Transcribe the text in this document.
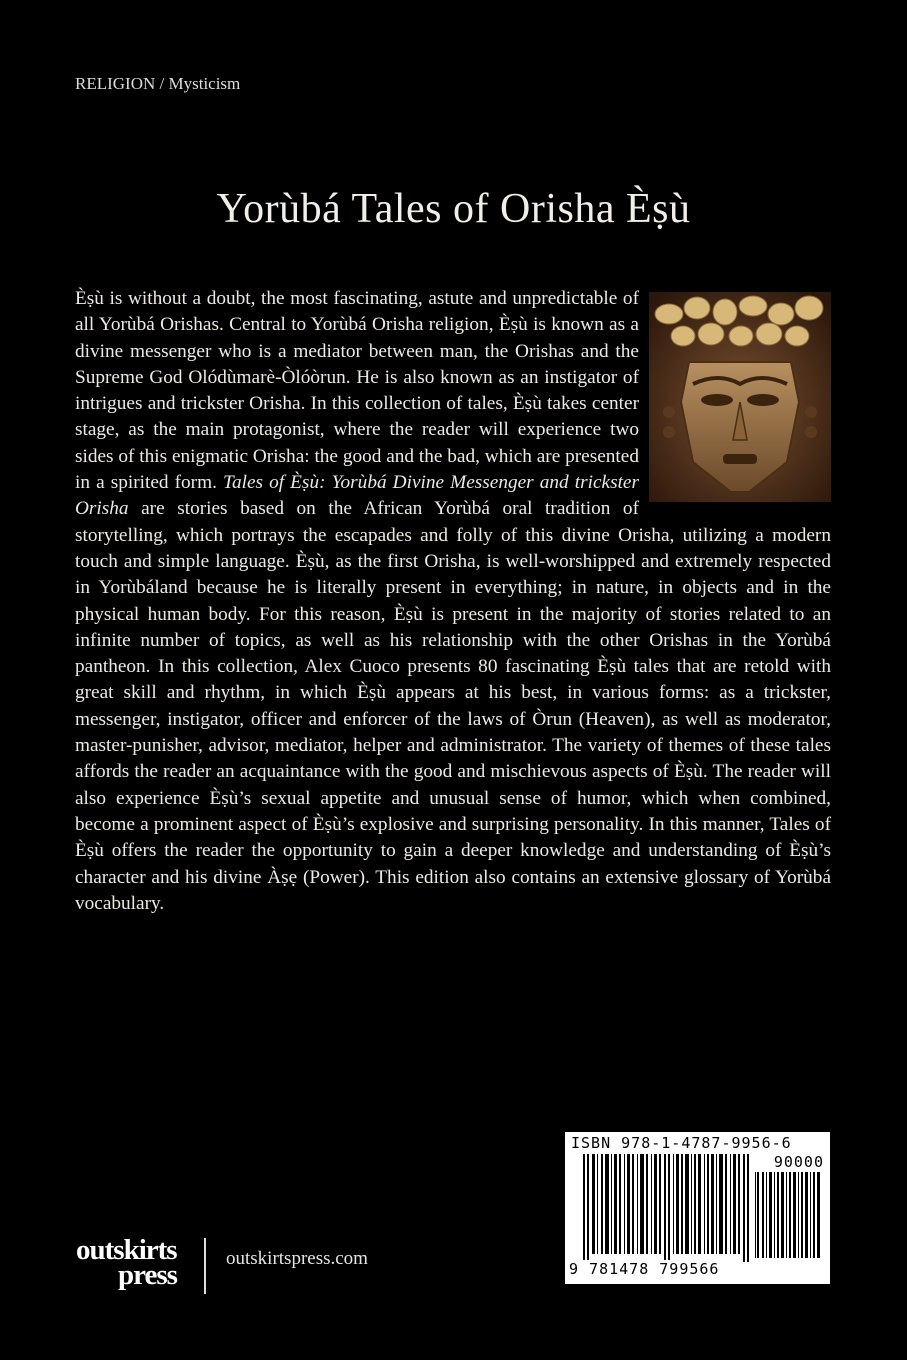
RELIGION / Mysticism
Yorùbá Tales of Orisha Èṣù

Èṣù is without a doubt, the most fascinating, astute and unpredictable of all Yorùbá Orishas. Central to Yorùbá Orisha religion, Èṣù is known as a divine messenger who is a mediator between man, the Orishas and the Supreme God Olódùmarè-Òlóòrun. He is also known as an instigator of intrigues and trickster Orisha. In this collection of tales, Èṣù takes center stage, as the main protagonist, where the reader will experience two sides of this enigmatic Orisha: the good and the bad, which are presented in a spirited form. Tales of Èṣù: Yorùbá Divine Messenger and trickster Orisha are stories based on the African Yorùbá oral tradition of storytelling, which portrays the escapades and folly of this divine Orisha, utilizing a modern touch and simple language. Èṣù, as the first Orisha, is well-worshipped and extremely respected in Yorùbáland because he is literally present in everything; in nature, in objects and in the physical human body. For this reason, Èṣù is present in the majority of stories related to an infinite number of topics, as well as his relationship with the other Orishas in the Yorùbá pantheon. In this collection, Alex Cuoco presents 80 fascinating Èṣù tales that are retold with great skill and rhythm, in which Èṣù appears at his best, in various forms: as a trickster, messenger, instigator, officer and enforcer of the laws of Òrun (Heaven), as well as moderator, master-punisher, advisor, mediator, helper and administrator. The variety of themes of these tales affords the reader an acquaintance with the good and mischievous aspects of Èṣù. The reader will also experience Èṣù’s sexual appetite and unusual sense of humor, which when combined, become a prominent aspect of Èṣù’s explosive and surprising personality. In this manner, Tales of Èṣù offers the reader the opportunity to gain a deeper knowledge and understanding of Èṣù’s character and his divine Àṣẹ (Power). This edition also contains an extensive glossary of Yorùbá vocabulary.

ISBN 978-1-4787-9956-6
90000
9 781478 799566
outskirts
press
outskirtspress.com
